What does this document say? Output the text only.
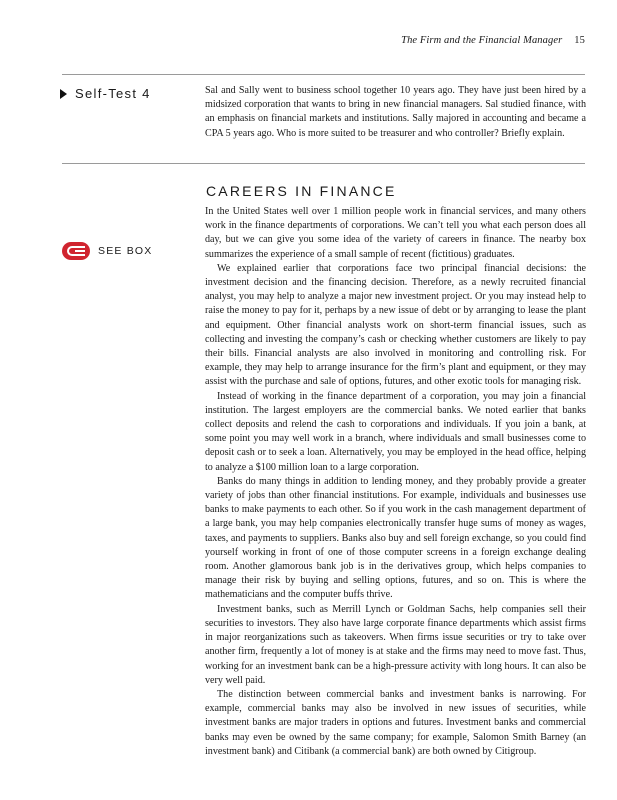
The Firm and the Financial Manager 15
Self-Test 4	Sal and Sally went to business school together 10 years ago. They have just been hired by a midsized corporation that wants to bring in new financial managers. Sal studied finance, with an emphasis on financial markets and institutions. Sally majored in accounting and became a CPA 5 years ago. Who is more suited to be treasurer and who controller? Briefly explain.
CAREERS IN FINANCE
SEE BOX

In the United States well over 1 million people work in financial services, and many others work in the finance departments of corporations. We can’t tell you what each person does all day, but we can give you some idea of the variety of careers in finance. The nearby box summarizes the experience of a small sample of recent (fictitious) graduates.

We explained earlier that corporations face two principal financial decisions: the investment decision and the financing decision. Therefore, as a newly recruited financial analyst, you may help to analyze a major new investment project. Or you may instead help to raise the money to pay for it, perhaps by a new issue of debt or by arranging to lease the plant and equipment. Other financial analysts work on short-term financial issues, such as collecting and investing the company’s cash or checking whether customers are likely to pay their bills. Financial analysts are also involved in monitoring and controlling risk. For example, they may help to arrange insurance for the firm’s plant and equipment, or they may assist with the purchase and sale of options, futures, and other exotic tools for managing risk.

Instead of working in the finance department of a corporation, you may join a financial institution. The largest employers are the commercial banks. We noted earlier that banks collect deposits and relend the cash to corporations and individuals. If you join a bank, at some point you may well work in a branch, where individuals and small businesses come to deposit cash or to seek a loan. Alternatively, you may be employed in the head office, helping to analyze a $100 million loan to a large corporation.

Banks do many things in addition to lending money, and they probably provide a greater variety of jobs than other financial institutions. For example, individuals and businesses use banks to make payments to each other. So if you work in the cash management department of a large bank, you may help companies electronically transfer huge sums of money as wages, taxes, and payments to suppliers. Banks also buy and sell foreign exchange, so you could find yourself working in front of one of those computer screens in a foreign exchange dealing room. Another glamorous bank job is in the derivatives group, which helps companies to manage their risk by buying and selling options, futures, and so on. This is where the mathematicians and the computer buffs thrive.

Investment banks, such as Merrill Lynch or Goldman Sachs, help companies sell their securities to investors. They also have large corporate finance departments which assist firms in major reorganizations such as takeovers. When firms issue securities or try to take over another firm, frequently a lot of money is at stake and the firms may need to move fast. Thus, working for an investment bank can be a high-pressure activity with long hours. It can also be very well paid.

The distinction between commercial banks and investment banks is narrowing. For example, commercial banks may also be involved in new issues of securities, while investment banks are major traders in options and futures. Investment banks and commercial banks may even be owned by the same company; for example, Salomon Smith Barney (an investment bank) and Citibank (a commercial bank) are both owned by Citigroup.
